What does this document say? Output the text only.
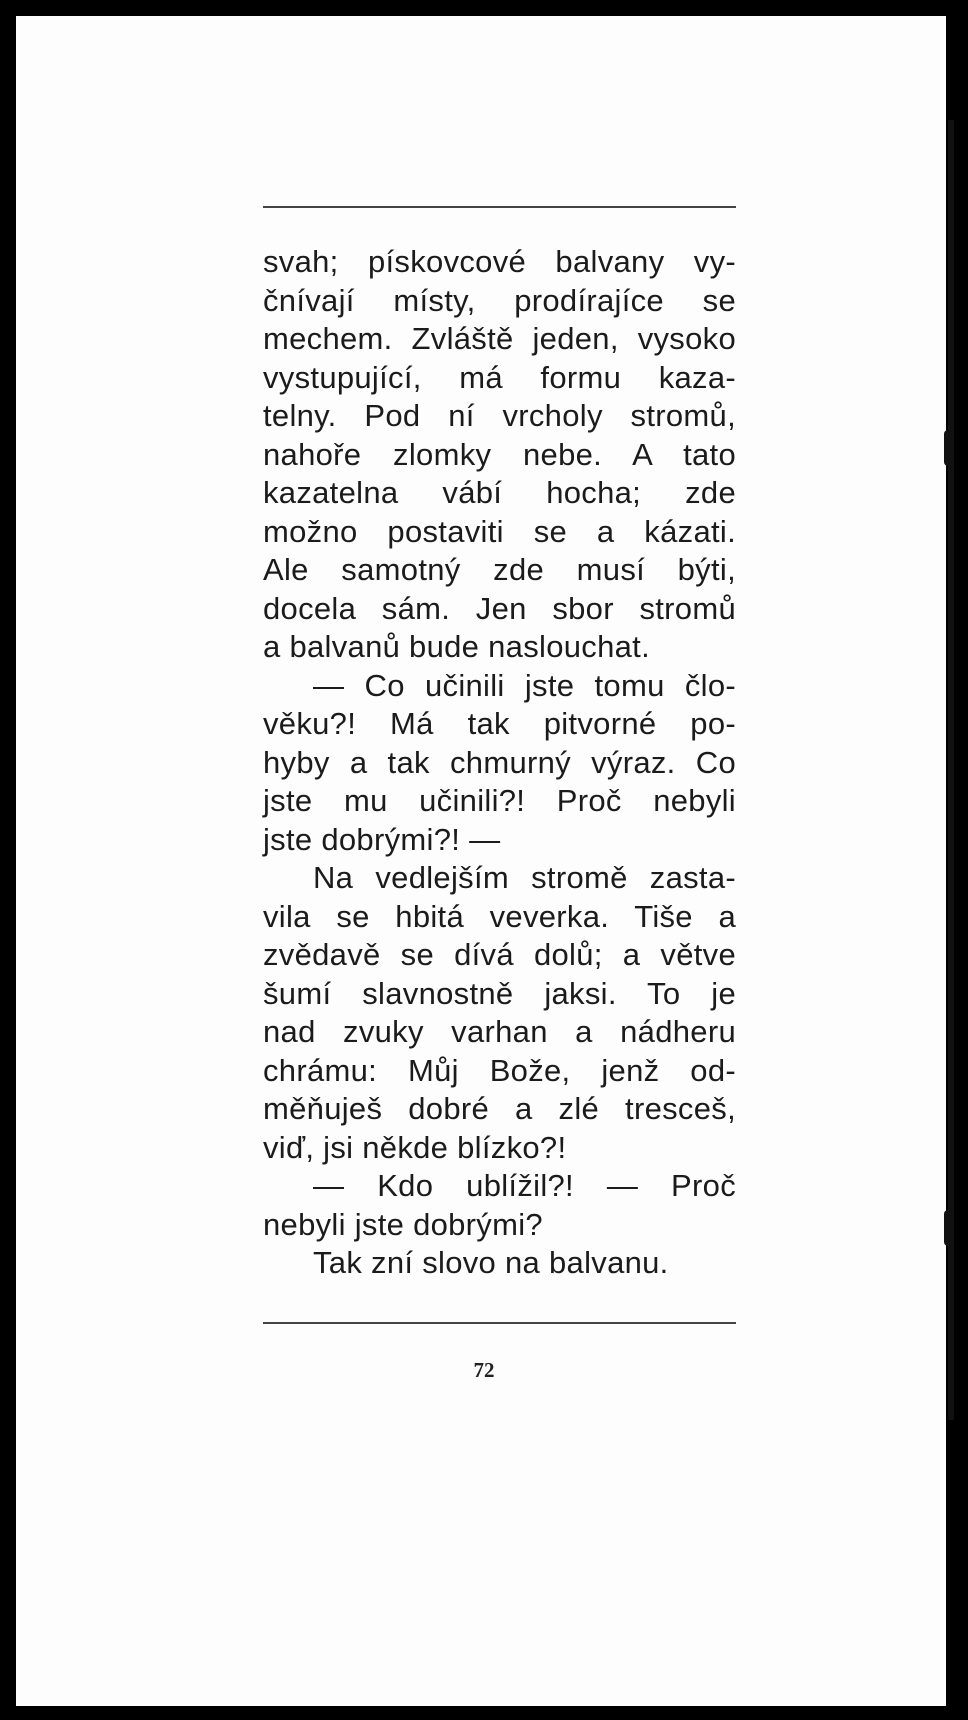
svah; pískovcové balvany vy-
čnívají místy, prodírajíce se
mechem. Zvláště jeden, vysoko
vystupující, má formu kaza-
telny. Pod ní vrcholy stromů,
nahoře zlomky nebe. A tato
kazatelna vábí hocha; zde
možno postaviti se a kázati.
Ale samotný zde musí býti,
docela sám. Jen sbor stromů
a balvanů bude naslouchat.
— Co učinili jste tomu člo-
věku?! Má tak pitvorné po-
hyby a tak chmurný výraz. Co
jste mu učinili?! Proč nebyli
jste dobrými?! —
Na vedlejším stromě zasta-
vila se hbitá veverka. Tiše a
zvědavě se dívá dolů; a větve
šumí slavnostně jaksi. To je
nad zvuky varhan a nádheru
chrámu: Můj Bože, jenž od-
měňuješ dobré a zlé tresceš,
viď, jsi někde blízko?!
— Kdo ublížil?! — Proč
nebyli jste dobrými?
Tak zní slovo na balvanu.
72
